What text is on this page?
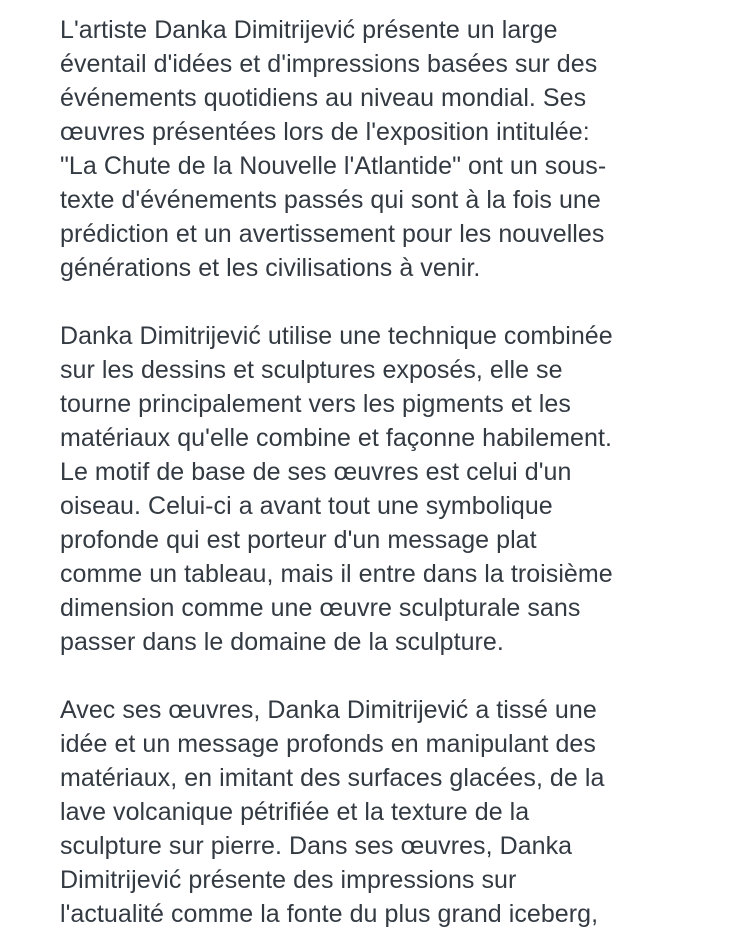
L'artiste Danka Dimitrijević présente un large
éventail d'idées et d'impressions basées sur des
événements quotidiens au niveau mondial. Ses
œuvres présentées lors de l'exposition intitulée:
"La Chute de la Nouvelle l'Atlantide" ont un sous-
texte d'événements passés qui sont à la fois une
prédiction et un avertissement pour les nouvelles
générations et les civilisations à venir.

Danka Dimitrijević utilise une technique combinée
sur les dessins et sculptures exposés, elle se
tourne principalement vers les pigments et les
matériaux qu'elle combine et façonne habilement.
Le motif de base de ses œuvres est celui d'un
oiseau. Celui-ci a avant tout une symbolique
profonde qui est porteur d'un message plat
comme un tableau, mais il entre dans la troisième
dimension comme une œuvre sculpturale sans
passer dans le domaine de la sculpture.

Avec ses œuvres, Danka Dimitrijević a tissé une
idée et un message profonds en manipulant des
matériaux, en imitant des surfaces glacées, de la
lave volcanique pétrifiée et la texture de la
sculpture sur pierre. Dans ses œuvres, Danka
Dimitrijević présente des impressions sur
l'actualité comme la fonte du plus grand iceberg,
